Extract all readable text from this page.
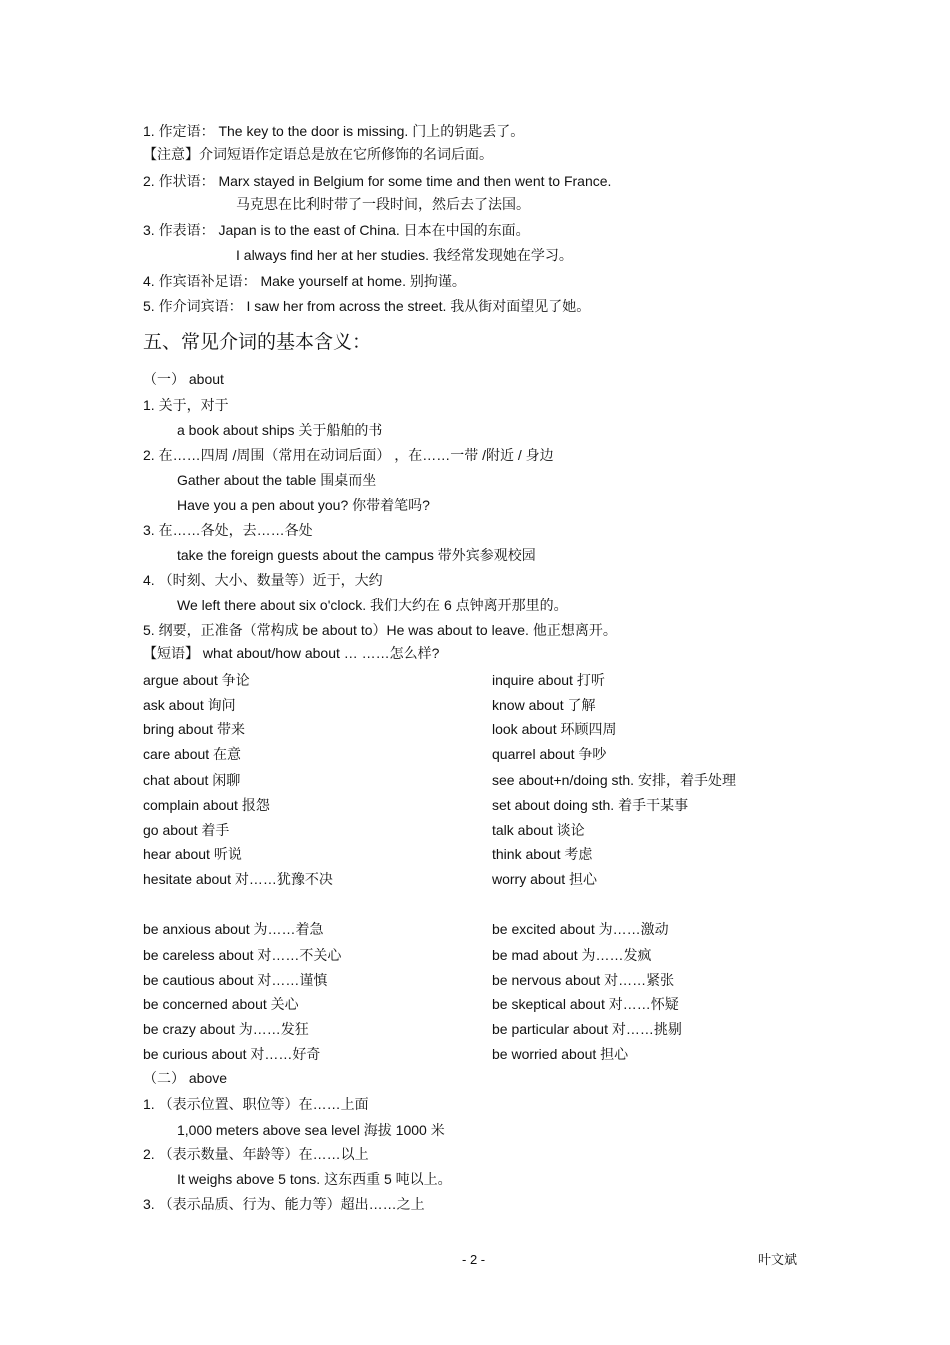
1. 作定语： The key to the door is missing. 门上的钥匙丢了。
【注意】介词短语作定语总是放在它所修饰的名词后面。
2. 作状语： Marx stayed in Belgium for some time and then went to France.
马克思在比利时带了一段时间，然后去了法国。
3. 作表语： Japan is to the east of China. 日本在中国的东面。
I always find her at her studies. 我经常发现她在学习。
4. 作宾语补足语： Make yourself at home. 别拘谨。
5. 作介词宾语： I saw her from across the street. 我从街对面望见了她。
五、常见介词的基本含义：
（一） about
1. 关于，对于
a book about ships 关于船舶的书
2. 在……四周 /周围（常用在动词后面） ，在……一带 /附近 / 身边
Gather about the table 围桌而坐
Have you a pen about you? 你带着笔吗?
3. 在……各处，去……各处
take the foreign guests about the campus 带外宾参观校园
4. （时刻、大小、数量等）近于，大约
We left there about six o'clock. 我们大约在 6 点钟离开那里的。
5. 纲要，正准备（常构成 be about to）He was about to leave. 他正想离开。
【短语】 what about/how about … ……怎么样?
argue about 争论
ask about 询问
bring about 带来
care about 在意
chat about 闲聊
complain about 报怨
go about 着手
hear about 听说
hesitate about 对……犹豫不决
inquire about 打听
know about 了解
look about 环顾四周
quarrel about 争吵
see about+n/doing sth. 安排，着手处理
set about doing sth. 着手干某事
talk about 谈论
think about 考虑
worry about 担心
be anxious about 为……着急
be careless about 对……不关心
be cautious about 对……谨慎
be concerned about 关心
be crazy about 为……发狂
be curious about 对……好奇
be excited about 为……激动
be mad about 为……发疯
be nervous about 对……紧张
be skeptical about 对……怀疑
be particular about 对……挑剔
be worried about 担心
（二） above
1. （表示位置、职位等）在……上面
1,000 meters above sea level 海拔 1000 米
2. （表示数量、年龄等）在……以上
It weighs above 5 tons. 这东西重 5 吨以上。
3. （表示品质、行为、能力等）超出……之上
- 2 -	叶文斌
